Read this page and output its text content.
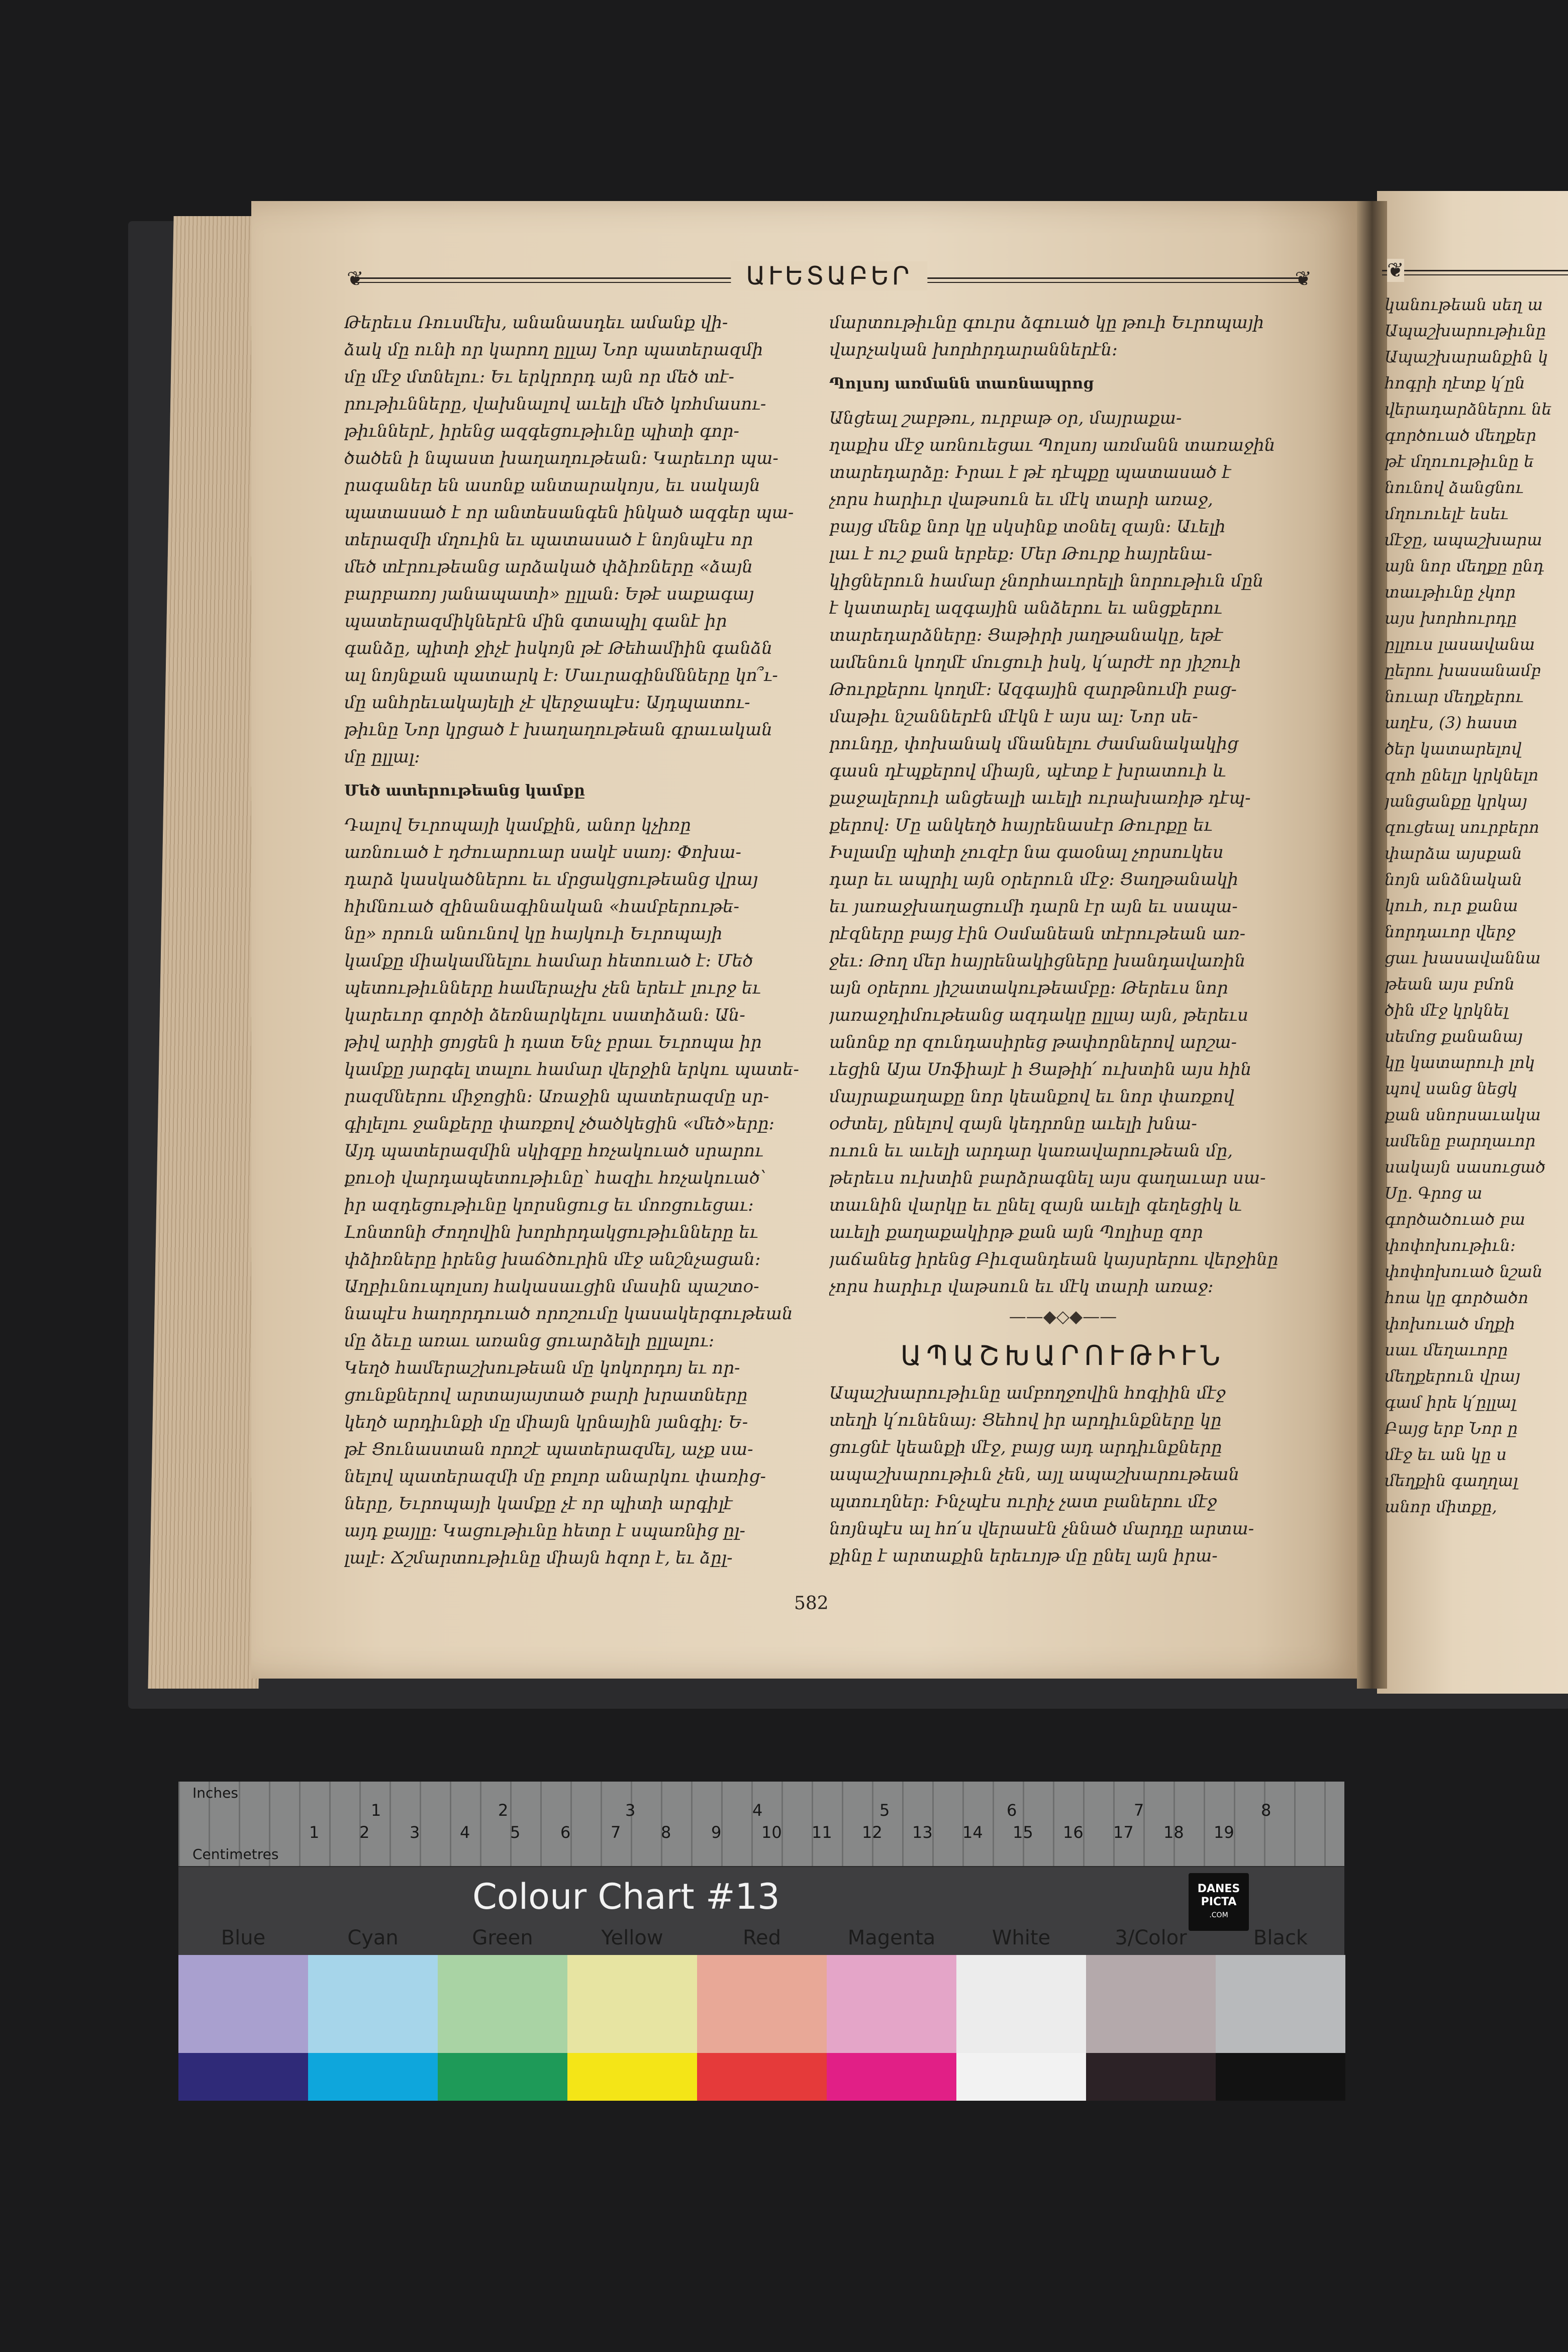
❦	❦
ԱՒԵՏԱԲԵՐ
Թերեւս Ռուսմեխ, անանասդեւ ամանք վի-
ձակ մը ունի որ կարող ըլլայ Նոր պատերազմի
մը մէջ մտնելու։ Եւ երկրորդ այն որ մեծ տէ-
րութիւնները, վախնալով աւելի մեծ կռհմասու-
թիւններէ, իրենց ազգեցութիւնը պիտի գոր-
ծածեն ի նպաստ խաղաղութեան։ Կարեւոր պա-
րագաներ են ասոնք անտարակոյս, եւ սակայն
պատասած է որ անտեսանգեն ինկած ազգեր պա-
տերազմի մղուին եւ պատասած է նոյնպէս որ
մեծ տէրութեանց արձակած փձիռները «ձայն
բարբառոյ յանապատի» ըլլան։ Եթէ սաքագայ
պատերազմիկներէն մին գտապիլ գանէ իր
գանձը, պիտի ջիչէ իսկոյն թէ Թեհամիին գանձն
ալ նոյնքան պատարկ է։ Մաւրագինմնները կո՞ւ-
մը անհրեւակայելի չէ վերջապէս։ Այդպատու-
թիւնը Նոր կրցած է խաղաղութեան գրաւական
մը ըլլալ։
Մեծ ատերութեանց կամքը
Դալով Եւրոպայի կամքին, անոր կչիռը
առնուած է դժուարուար սակէ սառյ։ Փոխա-
դարձ կասկածներու եւ մրցակցութեանց վրայ
հիմնուած զինանագինական «համբերութե-
նը» որուն անունով կը հայկուի Եւրոպայի
կամքը միակամնելու համար հետուած է։ Մեծ
պետութիւնները համերաչխ չեն երեւէ լուրջ եւ
կարեւոր գործի ձեռնարկելու սատիձան։ Ան-
թիվ արիի ցոյցեն ի դատ Ենչ բրաւ Եւրոպա իր
կամքը յարգել տալու համար վերջին երկու պատե-
րազմներու միջոցին։ Առաջին պատերազմը սր-
գիլելու ջանքերը փառքով չծածկեցին «մեծ»երը։
Այդ պատերազմին սկիզբը հռչակուած սրարու
քուօի վարդապետութիւնը՝ հազիւ հռչակուած՝
իր ազդեցութիւնը կորսնցուց եւ մոռցուեցաւ։
Լոնտոնի Ժողովին խորհրդակցութիւնները եւ
փձիռները իրենց խաճծուրին մէջ անշնչացան։
Աղբիւնուպոլսոյ հակասաւցին մասին պաշտօ-
նապէս հաղորդուած որոշումը կասակերգութեան
մը ձեւը առաւ առանց ցուարձելի ըլլալու։
Կեղծ համերաշխութեան մը կոկորդոյ եւ որ-
ցունքներով արտայայտած բարի խրատները
կեղծ արդիւնքի մը միայն կրնային յանգիլ։ Ե-
թէ Ցունաստան որոշէ պատերազմել, աչք սա-
նելով պատերազմի մը բոլոր անարկու փառից-
ները, Եւրոպայի կամքը չէ որ պիտի արգիլէ
այդ քայլը։ Կացութիւնը հետր է սպառնից ըլ-
լալէ։ Ճշմարտութիւնը միայն հզոր է, եւ ձըլ-
մարտութիւնը գուրս ձգուած կը թուի Եւրոպայի
վարչական խորհրդարաններէն։
Պոլսոյ առմանն տառնապրոց
Անցեալ շաբթու, ուրբաթ օր, մայրաքա-
ղաքիս մէջ առնուեցաւ Պոլսոյ առմանն տառաջին
տարեդարձը։ Իրաւ է թէ դէպքը պատասած է
չորս հարիւր վաթսուն եւ մէկ տարի առաջ,
բայց մենք նոր կը սկսինք տօնել զայն։ Աւելի
լաւ է ուշ քան երբեք։ Մեր Թուրք հայրենա-
կիցներուն համար չնորհաւորելի նորութիւն մըն
է կատարել ազգային անձերու եւ անցքերու
տարեդարձները։ Ցաթիրի յաղթանակը, եթէ
ամենուն կողմէ մուցուի իսկ, կ՛արժէ որ յիշուի
Թուրքերու կողմէ։ Ազգային զարթնումի բաց-
մաթիւ նշաններէն մէկն է այս ալ։ Նոր սե-
րունդը, փոխանակ մնանելու ժամանակակից
գասն դէպքերով միայն, պէտք է խրատուի և
քաջալերուի անցեալի աւելի ուրախառիթ դէպ-
քերով։ Մը անկեղծ հայրենասէր Թուրքը եւ
Իսլամը պիտի չուզէր նա գաօնալ չորսուկես
դար եւ ապրիլ այն օրերուն մէջ։ Ցաղթանակի
եւ յառաջխաղացումի դարն էր այն եւ սապա-
րէզները բայց էին Օսմանեան տէրութեան առ-
ջեւ։ Թող մեր հայրենակիցները խանդավառին
այն օրերու յիշատակութեամբը։ Թերեւս նոր
յառաջդիմութեանց ազդակը ըլլայ այն, թերեւս
անոնք որ զունդասիրեց թափորներով արշա-
ւեցին Այա Սոֆիայէ ի Ցաթիի՛ ուխտին այս հին
մայրաքաղաքը նոր կեանքով եւ նոր փառքով
օժտել, ընելով զայն կեդրոնը աւելի խնա-
ուուն եւ աւելի արդար կառավարութեան մը,
թերեւս ուխտին բարձրագնել այս գաղաւար սա-
տաւնին վարկը եւ ընել զայն աւելի գեղեցիկ և
աւելի քաղաքակիրթ քան այն Պոլիսը զոր
յաճանեց իրենց Բիւզանդեան կայսրերու վերջինը
չորս հարիւր վաթսուն եւ մէկ տարի առաջ։
——◆◇◆——
ԱՊԱՇԽԱՐՈՒԹԻՒՆ
Ապաշխարութիւնը ամբողջովին հոգիին մէջ
տեղի կ՛ունենայ։ Ցեհով իր արդիւնքները կը
ցուցնէ կեանքի մէջ, բայց այդ արդիւնքները
ապաշխարութիւն չեն, այլ ապաշխարութեան
պտուղներ։ Ինչպէս ուրիչ չատ բաներու մէջ
նոյնպէս ալ հո՛ս վերասէն չննած մարդը արտա-
քինը է արտաքին երեւոյթ մը ընել այն իրա-
582
❦
կանութեան սեղ ա
Ապաշխարութիւնը
Ապաշխարանքին կ
հոգրի ղէտք կ՛ըն
վերադարձներու նե
գործուած մեղքեր
թէ մղուութիւնը ե
նունով ձանցնու
մղուուելէ եսեւ
մէջը, ապաշխարա
այն նոր մեղքը ընդ
տաւթիւնը չկոր
այս խորհուրդը
ըլլուս լասավանա
ըերու խասանամբ
նուար մեղքերու
աղէս, (3) հաստ
ծեր կատարելով
զոհ ընելր կրկնելո
յանցանքը կրկայ
զուցեալ սուրբերո
փարձա այսքան
նոյն անձնական
կուհ, ուր քանա
նորդաւոր վերջ
ցաւ խասավաննա
թեան այս բմոն
ծին մէջ կրկնել
սեմոց քանանայ
կը կատարուի լոկ
պով սանց նեցկ
քան սնորսաւակա
ամենը բարղաւոր
սակայն սասուցած
Սը. Գրոց ա
գործածուած բա
փոփոխութիւն։
փոփոխուած նշան
հոա կը գործածո
փոխուած մղքի
սաւ մեղաւորը
մեղքերուն վրայ
գամ իրե կ՛ըլլալ
Բայց երբ Նոր ը
մէջ եւ ան կը ս
մեղքին գաղղալ
անոր միտքը,
Inches
Centimetres
1	2	3	4	5	6	7	8
1 2 3 4 5 6 7 8 9 10 11 12 13 14 15 16 17 18 19
Colour Chart #13	DANES
PICTA
.COM
Blue	Cyan	Green	Yellow	Red	Magenta	White	3/Color	Black
